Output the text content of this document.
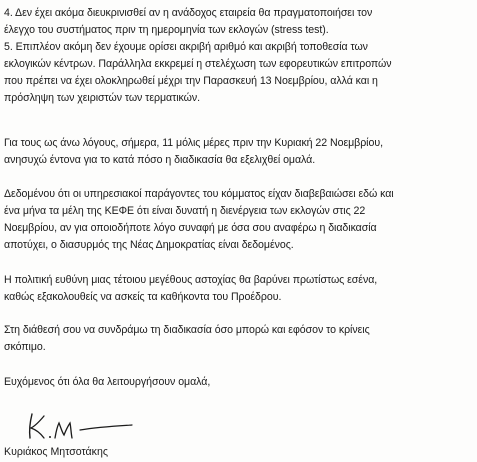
4. Δεν έχει ακόμα διευκρινισθεί αν η ανάδοχος εταιρεία θα πραγματοποιήσει τον
έλεγχο του συστήματος πριν τη ημερομηνία των εκλογών (stress test).
5. Επιπλέον ακόμη δεν έχουμε ορίσει ακριβή αριθμό και ακριβή τοποθεσία των
εκλογικών κέντρων. Παράλληλα εκκρεμεί η στελέχωση των εφορευτικών επιτροπών
που πρέπει να έχει ολοκληρωθεί μέχρι την Παρασκευή 13 Νοεμβρίου, αλλά και η
πρόσληψη των χειριστών των τερματικών.
Για τους ως άνω λόγους, σήμερα, 11 μόλις μέρες πριν την Κυριακή 22 Νοεμβρίου,
ανησυχώ έντονα για το κατά πόσο η διαδικασία θα εξελιχθεί ομαλά.
Δεδομένου ότι οι υπηρεσιακοί παράγοντες του κόμματος είχαν διαβεβαιώσει εδώ και
ένα μήνα τα μέλη της ΚΕΦΕ ότι είναι δυνατή η διενέργεια των εκλογών στις 22
Νοεμβρίου, αν για οποιοδήποτε λόγο συναφή με όσα σου αναφέρω η διαδικασία
αποτύχει, ο διασυρμός της Νέας Δημοκρατίας είναι δεδομένος.
Η πολιτική ευθύνη μιας τέτοιου μεγέθους αστοχίας θα βαρύνει πρωτίστως εσένα,
καθώς εξακολουθείς να ασκείς τα καθήκοντα του Προέδρου.
Στη διάθεσή σου να συνδράμω τη διαδικασία όσο μπορώ και εφόσον το κρίνεις
σκόπιμο.
Ευχόμενος ότι όλα θα λειτουργήσουν ομαλά,
Κυριάκος Μητσοτάκης
